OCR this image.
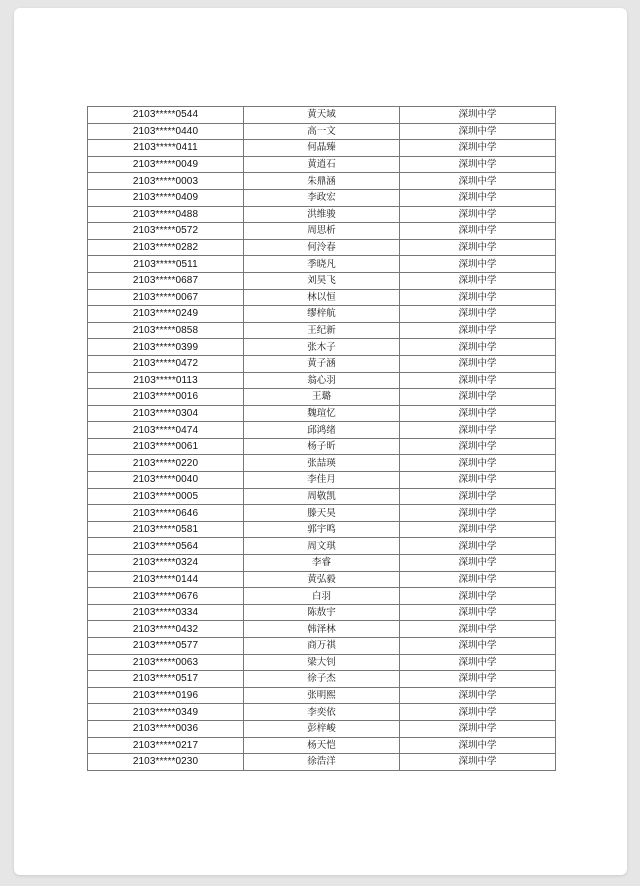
2103*****0544	黄天域	深圳中学
2103*****0440	高一文	深圳中学
2103*****0411	何晶臻	深圳中学
2103*****0049	黄逍石	深圳中学
2103*****0003	朱鼎涵	深圳中学
2103*****0409	李政宏	深圳中学
2103*****0488	洪维骏	深圳中学
2103*****0572	周思析	深圳中学
2103*****0282	何泠春	深圳中学
2103*****0511	季晓凡	深圳中学
2103*****0687	刘昊飞	深圳中学
2103*****0067	林以恒	深圳中学
2103*****0249	缪梓航	深圳中学
2103*****0858	王纪新	深圳中学
2103*****0399	张木子	深圳中学
2103*****0472	黄子涵	深圳中学
2103*****0113	翁心羽	深圳中学
2103*****0016	王璐	深圳中学
2103*****0304	魏瑄忆	深圳中学
2103*****0474	邱鸿绪	深圳中学
2103*****0061	杨子昕	深圳中学
2103*****0220	张喆瑛	深圳中学
2103*****0040	李佳月	深圳中学
2103*****0005	周敬凯	深圳中学
2103*****0646	滕天昊	深圳中学
2103*****0581	郭宇鸣	深圳中学
2103*****0564	周文琪	深圳中学
2103*****0324	李睿	深圳中学
2103*****0144	黄弘毅	深圳中学
2103*****0676	白羽	深圳中学
2103*****0334	陈敖宇	深圳中学
2103*****0432	韩泽林	深圳中学
2103*****0577	商万祺	深圳中学
2103*****0063	梁大钊	深圳中学
2103*****0517	徐子杰	深圳中学
2103*****0196	张明熙	深圳中学
2103*****0349	李奕依	深圳中学
2103*****0036	彭梓峻	深圳中学
2103*****0217	杨天恺	深圳中学
2103*****0230	徐浩洋	深圳中学
